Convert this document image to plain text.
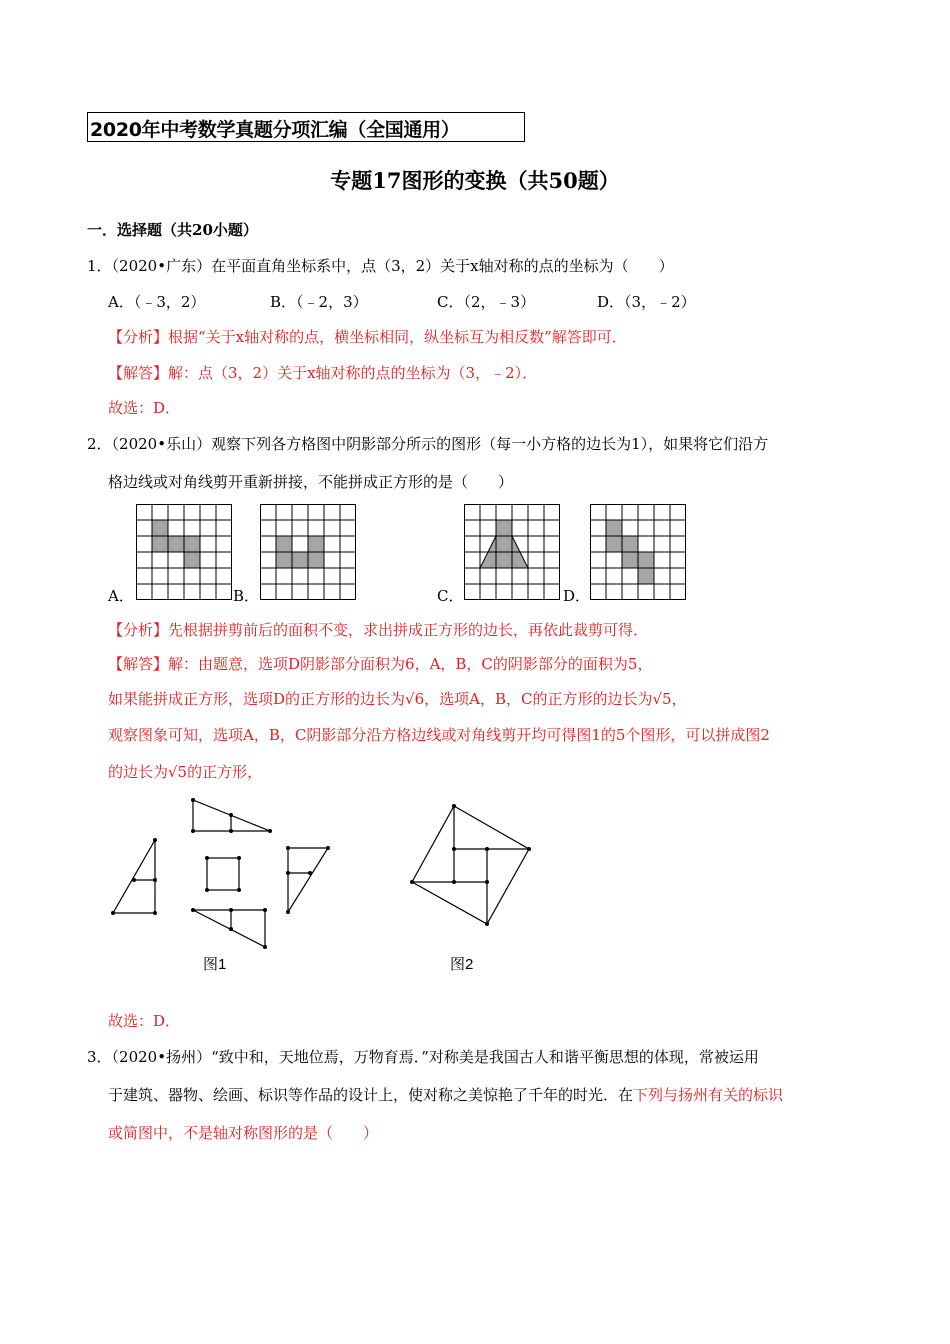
2020年中考数学真题分项汇编（全国通用）
专题17图形的变换（共50题）
一．选择题（共20小题）
1．（2020•广东）在平面直角坐标系中，点（3，2）关于x轴对称的点的坐标为（　　）
A．（﹣3，2）	B．（﹣2，3）	C．（2，﹣3）	D．（3，﹣2）
【分析】根据“关于x轴对称的点，横坐标相同，纵坐标互为相反数”解答即可．
【解答】解：点（3，2）关于x轴对称的点的坐标为（3，﹣2）．
故选：D．
2．（2020•乐山）观察下列各方格图中阴影部分所示的图形（每一小方格的边长为1），如果将它们沿方
格边线或对角线剪开重新拼接，不能拼成正方形的是（　　）
A．	B．	C．	D．
【分析】先根据拼剪前后的面积不变，求出拼成正方形的边长，再依此裁剪可得．
【解答】解：由题意，选项D阴影部分面积为6，A，B，C的阴影部分的面积为5，
如果能拼成正方形，选项D的正方形的边长为√6，选项A，B，C的正方形的边长为√5，
观察图象可知，选项A，B，C阴影部分沿方格边线或对角线剪开均可得图1的5个图形，可以拼成图2
的边长为√5的正方形，
图1	图2
故选：D．
3．（2020•扬州）“致中和，天地位焉，万物育焉．”对称美是我国古人和谐平衡思想的体现，常被运用
于建筑、器物、绘画、标识等作品的设计上，使对称之美惊艳了千年的时光．在下列与扬州有关的标识
或简图中，不是轴对称图形的是（　　）
